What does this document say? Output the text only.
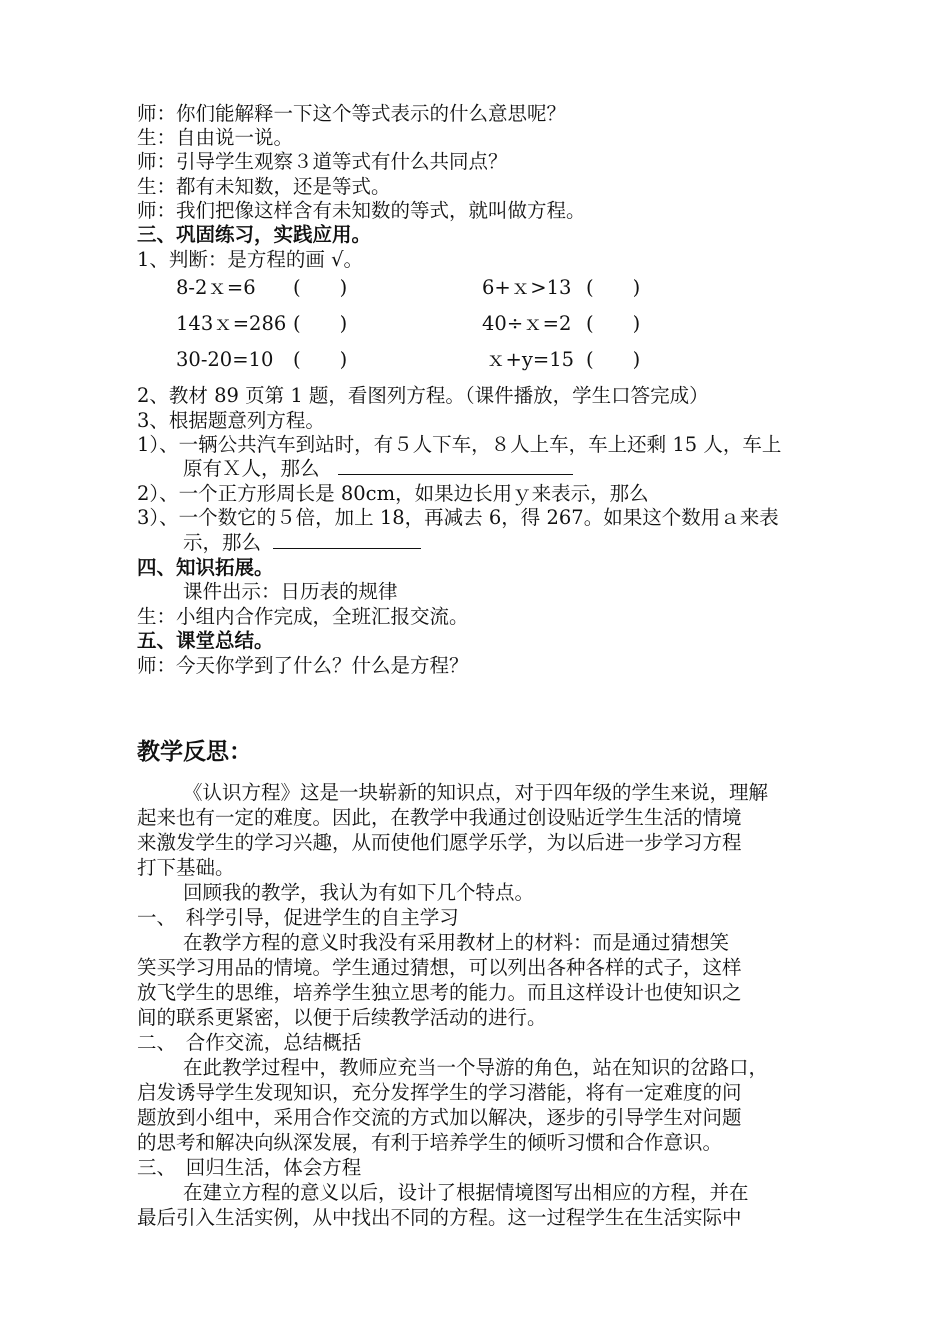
师：你们能解释一下这个等式表示的什么意思呢？
生：自由说一说。
师：引导学生观察３道等式有什么共同点？
生：都有未知数，还是等式。
师：我们把像这样含有未知数的等式，就叫做方程。
三、巩固练习，实践应用。
1、判断：是方程的画 √。
8-2ｘ=6 (　　)	6+ｘ>13 (　　)
143ｘ=286 (　　)	40÷ｘ=2 (　　)
30-20=10 (　　)	ｘ+y=15 (　　)
2、教材 89 页第 1 题，看图列方程。（课件播放，学生口答完成）
3、根据题意列方程。
1）、一辆公共汽车到站时，有５人下车，８人上车，车上还剩 15 人，车上
原有Ｘ人，那么
2）、一个正方形周长是 80cm，如果边长用ｙ来表示，那么
3）、一个数它的５倍，加上 18，再减去 6，得 267。如果这个数用ａ来表
示，那么
四、知识拓展。
课件出示：日历表的规律
生：小组内合作完成，全班汇报交流。
五、课堂总结。
师：今天你学到了什么？什么是方程？
教学反思：
《认识方程》这是一块崭新的知识点，对于四年级的学生来说，理解
起来也有一定的难度。因此，在教学中我通过创设贴近学生生活的情境
来激发学生的学习兴趣，从而使他们愿学乐学，为以后进一步学习方程
打下基础。
回顾我的教学，我认为有如下几个特点。
一、　科学引导，促进学生的自主学习
在教学方程的意义时我没有采用教材上的材料：而是通过猜想笑
笑买学习用品的情境。学生通过猜想，可以列出各种各样的式子，这样
放飞学生的思维，培养学生独立思考的能力。而且这样设计也使知识之
间的联系更紧密，以便于后续教学活动的进行。
二、　合作交流，总结概括
在此教学过程中，教师应充当一个导游的角色，站在知识的岔路口，
启发诱导学生发现知识，充分发挥学生的学习潜能，将有一定难度的问
题放到小组中，采用合作交流的方式加以解决，逐步的引导学生对问题
的思考和解决向纵深发展，有利于培养学生的倾听习惯和合作意识。
三、　回归生活，体会方程
在建立方程的意义以后，设计了根据情境图写出相应的方程，并在
最后引入生活实例，从中找出不同的方程。这一过程学生在生活实际中
